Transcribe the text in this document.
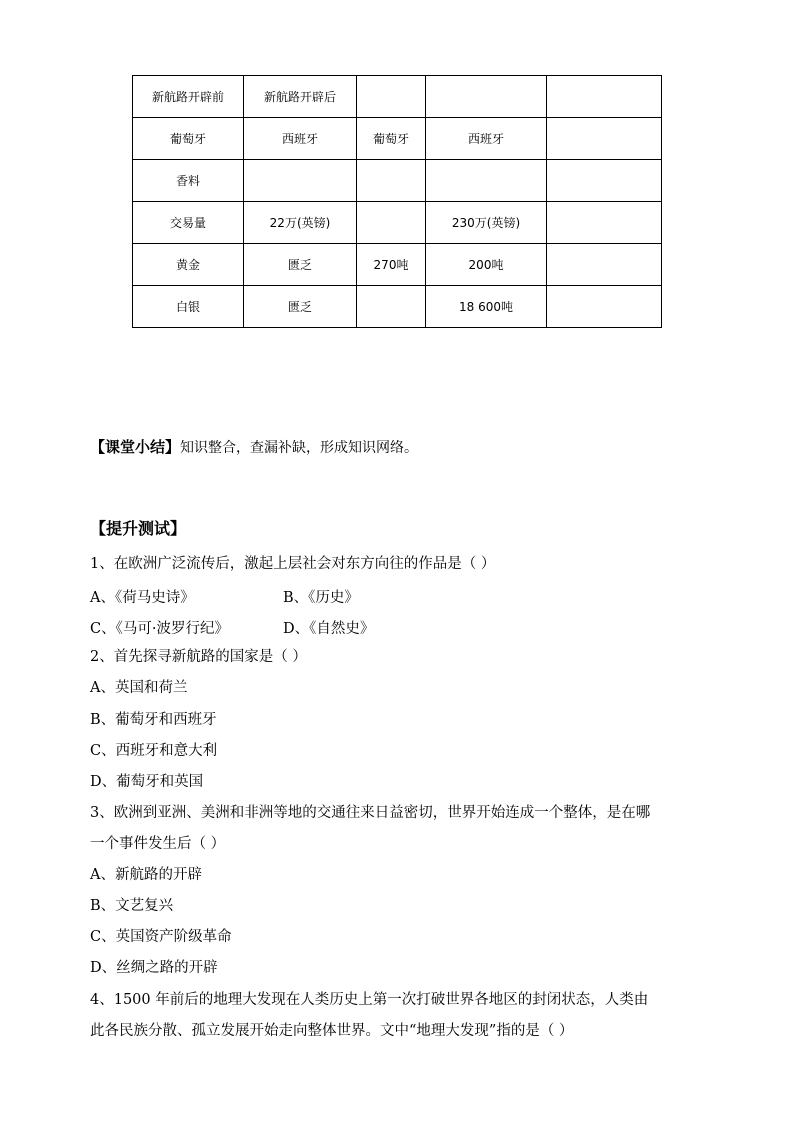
新航路开辟前	新航路开辟后			
葡萄牙	西班牙	葡萄牙	西班牙	
香料				
交易量	22万(英镑)		230万(英镑)	
黄金	匮乏	270吨	200吨	
白银	匮乏		18 600吨	
【课堂小结】知识整合，查漏补缺，形成知识网络。
【提升测试】
1、在欧洲广泛流传后，激起上层社会对东方向往的作品是（ ）
A、《荷马史诗》	B、《历史》
C、《马可·波罗行纪》	D、《自然史》
2、首先探寻新航路的国家是（ ）
A、英国和荷兰
B、葡萄牙和西班牙
C、西班牙和意大利
D、葡萄牙和英国
3、欧洲到亚洲、美洲和非洲等地的交通往来日益密切，世界开始连成一个整体，是在哪
一个事件发生后（ ）
A、新航路的开辟
B、文艺复兴
C、英国资产阶级革命
D、丝绸之路的开辟
4、1500 年前后的地理大发现在人类历史上第一次打破世界各地区的封闭状态，人类由
此各民族分散、孤立发展开始走向整体世界。文中“地理大发现”指的是（ ）
